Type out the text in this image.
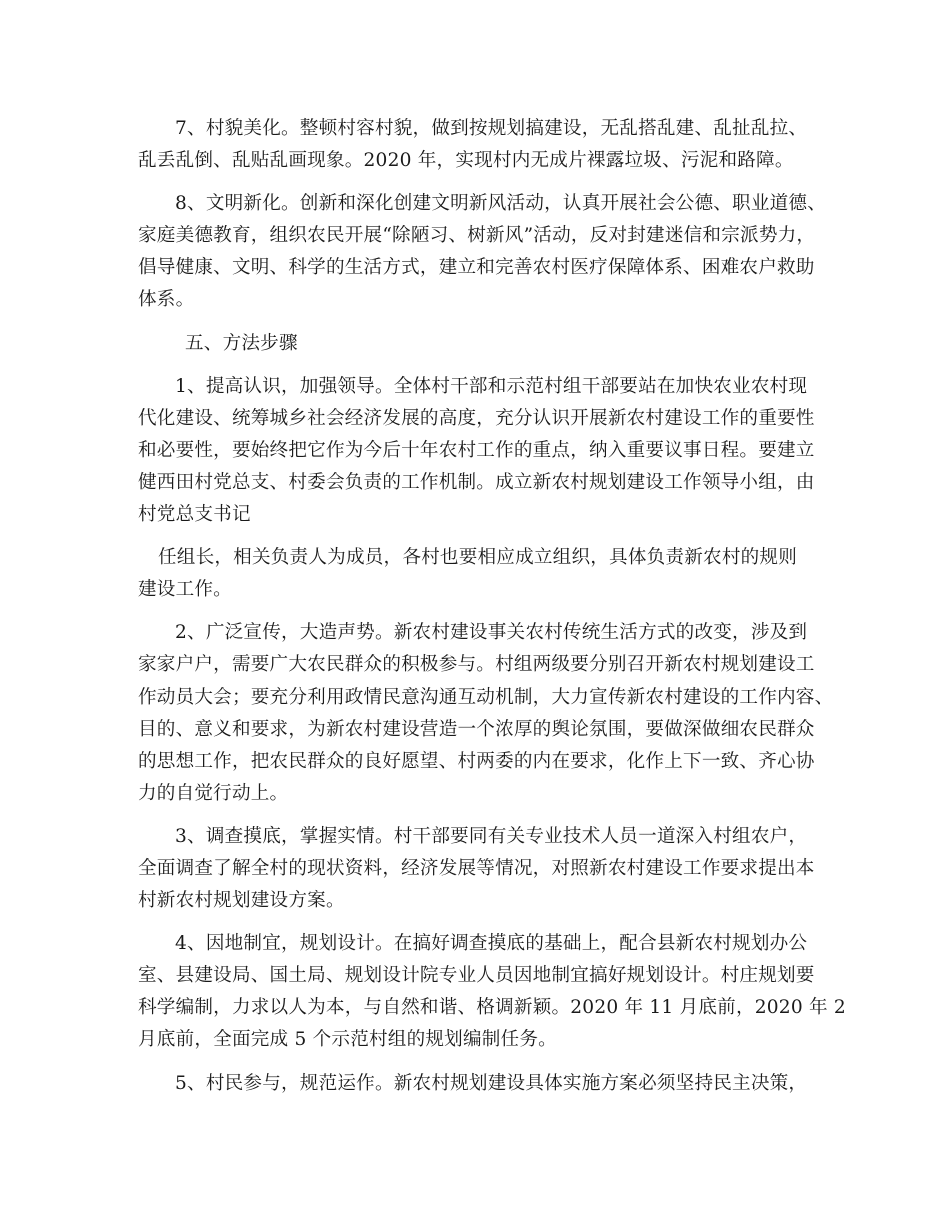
7、村貌美化。整顿村容村貌，做到按规划搞建设，无乱搭乱建、乱扯乱拉、
乱丢乱倒、乱贴乱画现象。2020 年，实现村内无成片裸露垃圾、污泥和路障。

8、文明新化。创新和深化创建文明新风活动，认真开展社会公德、职业道德、
家庭美德教育，组织农民开展“除陋习、树新风”活动，反对封建迷信和宗派势力，
倡导健康、文明、科学的生活方式，建立和完善农村医疗保障体系、困难农户救助
体系。

五、方法步骤

1、提高认识，加强领导。全体村干部和示范村组干部要站在加快农业农村现
代化建设、统筹城乡社会经济发展的高度，充分认识开展新农村建设工作的重要性
和必要性，要始终把它作为今后十年农村工作的重点，纳入重要议事日程。要建立
健西田村党总支、村委会负责的工作机制。成立新农村规划建设工作领导小组，由
村党总支书记

任组长，相关负责人为成员，各村也要相应成立组织，具体负责新农村的规则
建设工作。

2、广泛宣传，大造声势。新农村建设事关农村传统生活方式的改变，涉及到
家家户户，需要广大农民群众的积极参与。村组两级要分别召开新农村规划建设工
作动员大会；要充分利用政情民意沟通互动机制，大力宣传新农村建设的工作内容、
目的、意义和要求，为新农村建设营造一个浓厚的舆论氛围，要做深做细农民群众
的思想工作，把农民群众的良好愿望、村两委的内在要求，化作上下一致、齐心协
力的自觉行动上。

3、调查摸底，掌握实情。村干部要同有关专业技术人员一道深入村组农户，
全面调查了解全村的现状资料，经济发展等情况，对照新农村建设工作要求提出本
村新农村规划建设方案。

4、因地制宜，规划设计。在搞好调查摸底的基础上，配合县新农村规划办公
室、县建设局、国土局、规划设计院专业人员因地制宜搞好规划设计。村庄规划要
科学编制，力求以人为本，与自然和谐、格调新颖。2020 年 11 月底前，2020 年 2
月底前，全面完成 5 个示范村组的规划编制任务。

5、村民参与，规范运作。新农村规划建设具体实施方案必须坚持民主决策，
